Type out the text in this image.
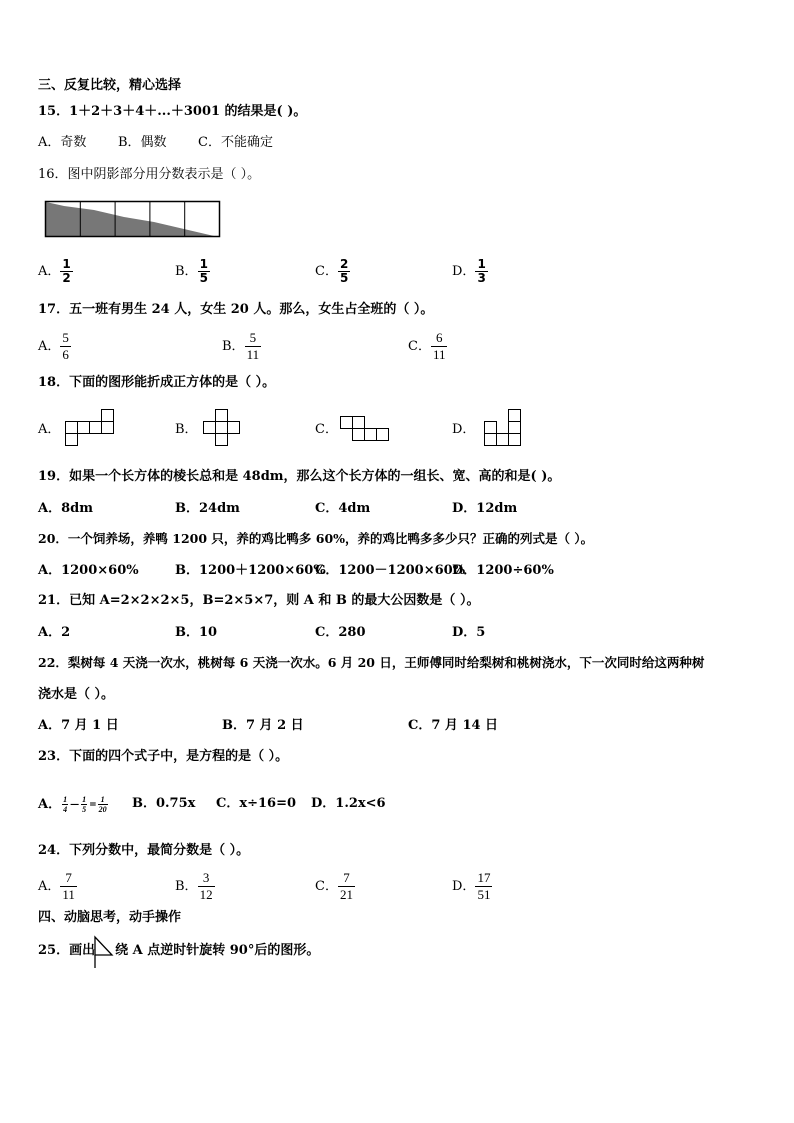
三、反复比较，精心选择
15．1＋2＋3＋4＋...＋3001 的结果是( )。
A．奇数 B．偶数 C．不能确定
16．图中阴影部分用分数表示是（ ）。
A． $\frac{1}{2}$	B． $\frac{1}{5}$	C． $\frac{2}{5}$	D． $\frac{1}{3}$
17．五一班有男生 24 人，女生 20 人。那么，女生占全班的（ ）。
A． $\frac{5}{6}$	B． $\frac{5}{11}$	C． $\frac{6}{11}$
18．下面的图形能折成正方体的是（ ）。
A．	B．	C．	D．
19．如果一个长方体的棱长总和是 48dm，那么这个长方体的一组长、宽、高的和是( )。
A．8dm	B．24dm	C．4dm	D．12dm
20．一个饲养场，养鸭 1200 只，养的鸡比鸭多 60%，养的鸡比鸭多多少只？正确的列式是（ ）。
A．1200×60%	B．1200＋1200×60%
C．1200－1200×60%
D．1200÷60%
21．已知 A=2×2×2×5，B=2×5×7，则 A 和 B 的最大公因数是（ ）。
A．2	B．10	C．280	D．5
22．梨树每 4 天浇一次水，桃树每 6 天浇一次水。6 月 20 日，王师傅同时给梨树和桃树浇水，下一次同时给这两种树
浇水是（ ）。
A．7 月 1 日	B．7 月 2 日	C．7 月 14 日
23．下面的四个式子中，是方程的是（ ）。
A． $\frac{1}{4}$ — $\frac{1}{5} = \frac{1}{20}$ B．0.75x C．x÷16=0 D．1.2x<6
24．下列分数中，最简分数是（ ）。
A． $\frac{7}{11}$	B． $\frac{3}{12}$	C． $\frac{7}{21}$	D． $\frac{17}{51}$
四、动脑思考，动手操作
25．画出 绕 A 点逆时针旋转 90°后的图形。
